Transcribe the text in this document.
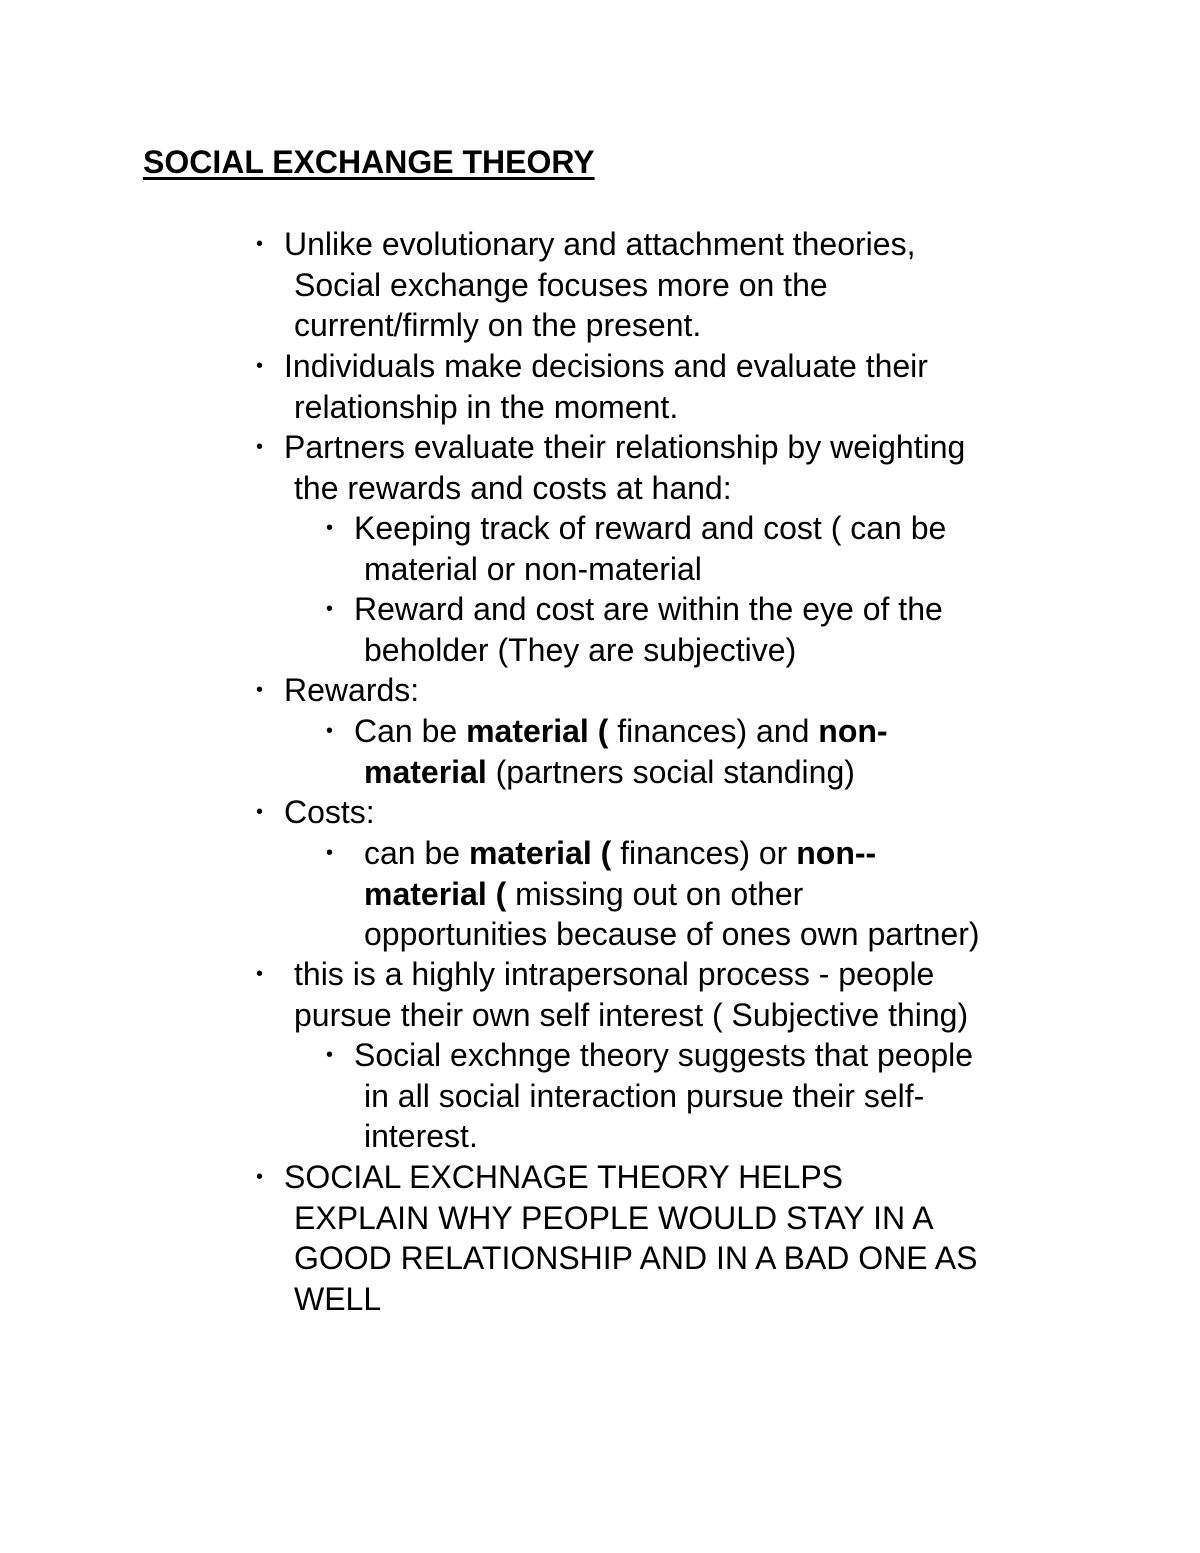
SOCIAL EXCHANGE THEORY
• Unlike evolutionary and attachment theories,
Social exchange focuses more on the
current/firmly on the present.
• Individuals make decisions and evaluate their
relationship in the moment.
• Partners evaluate their relationship by weighting
the rewards and costs at hand:
• Keeping track of reward and cost ( can be
material or non-material
• Reward and cost are within the eye of the
beholder (They are subjective)
• Rewards:
• Can be material ( finances) and non-
material (partners social standing)
• Costs:
• can be material ( finances) or non--
material ( missing out on other
opportunities because of ones own partner)
• this is a highly intrapersonal process - people
pursue their own self interest ( Subjective thing)
• Social exchnge theory suggests that people
in all social interaction pursue their self-
interest.
• SOCIAL EXCHNAGE THEORY HELPS
EXPLAIN WHY PEOPLE WOULD STAY IN A
GOOD RELATIONSHIP AND IN A BAD ONE AS
WELL
